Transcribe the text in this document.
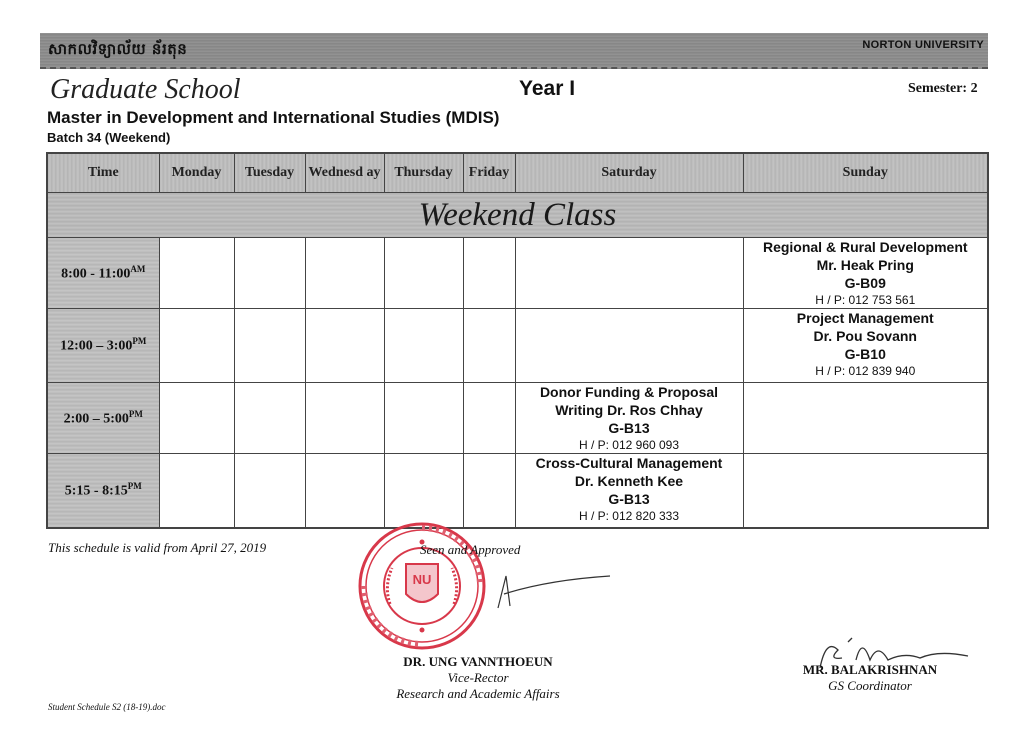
សាកលវិទ្យាល័យ ន័រតុន	NORTON UNIVERSITY
Graduate School	Year I	Semester: 2
Master in Development and International Studies (MDIS)
Batch 34 (Weekend)
Time	Monday	Tuesday	Wednesd ay	Thursday	Friday	Saturday	Sunday
Weekend Class							
8:00 - $11:00^{AM}$							Regional & Rural Development
Mr. Heak Pring
G-B09
H / P: 012 753 561

12:00 – $3:00^{PM}$							Project Management
Dr. Pou Sovann
G-B10
H / P: 012 839 940

2:00 – $5:00^{PM}$						Donor Funding & Proposal
Writing Dr. Ros Chhay
G-B13
H / P: 012 960 093	

5:15 - $8:15^{PM}$						Cross-Cultural Management
Dr. Kenneth Kee
G-B13
H / P: 012 820 333	

This schedule is valid from April 27, 2019
NU
Seen and Approved
DR. UNG VANNTHOEUN
Vice-Rector
Research and Academic Affairs
MR. BALAKRISHNAN
GS Coordinator
Student Schedule S2 (18-19).doc
